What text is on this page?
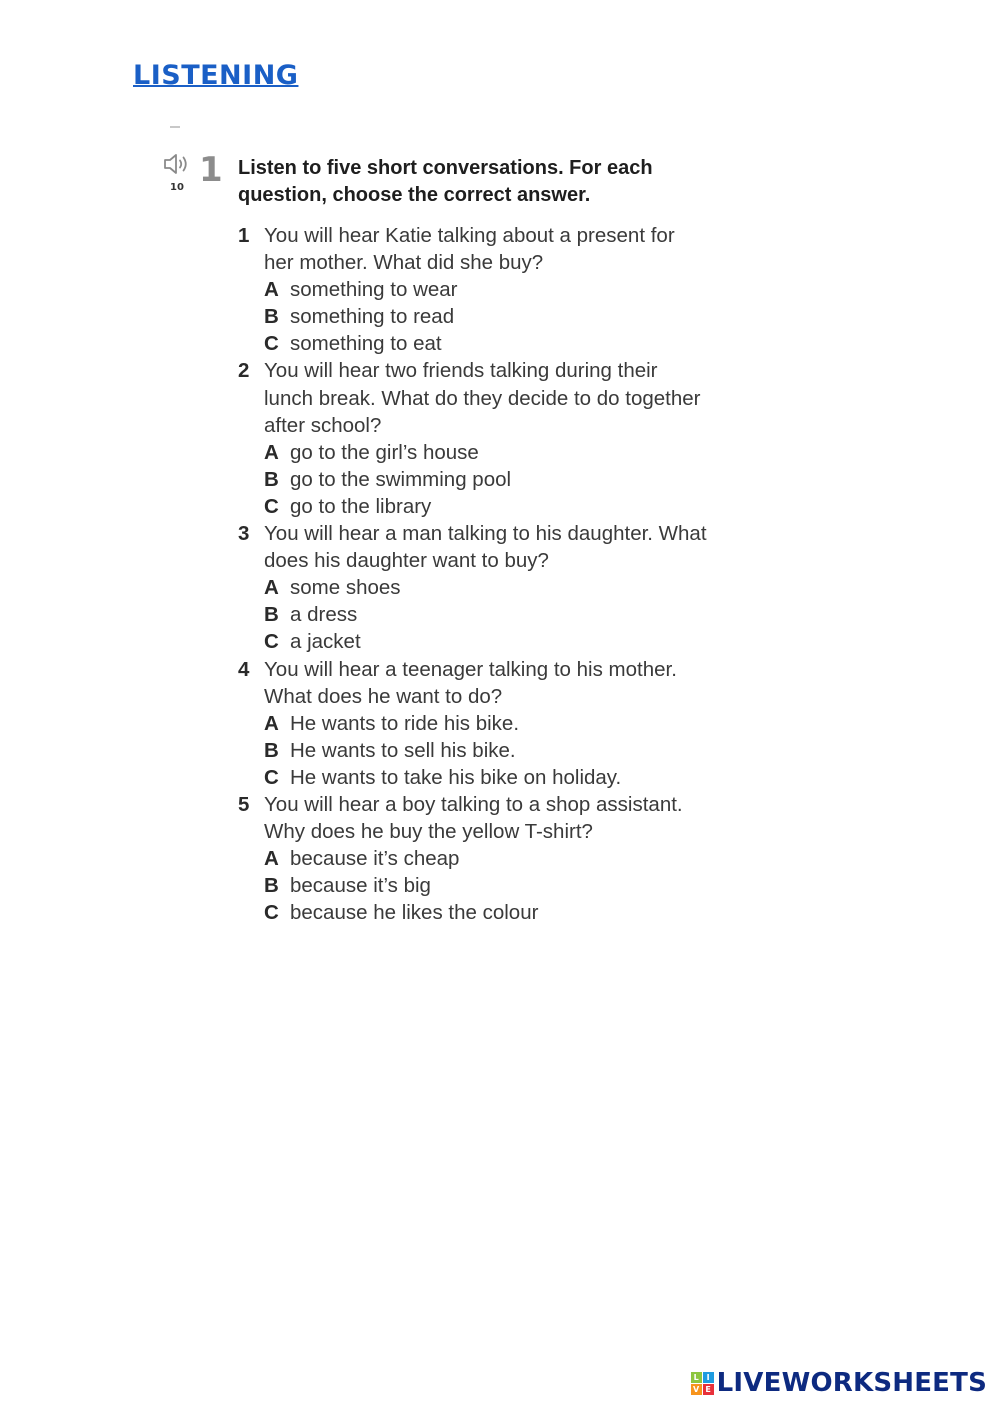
LISTENING
10 1 Listen to five short conversations. For each question, choose the correct answer.
1 You will hear Katie talking about a present for
her mother. What did she buy?
A something to wear
B something to read
C something to eat
2 You will hear two friends talking during their
lunch break. What do they decide to do together
after school?
A go to the girl’s house
B go to the swimming pool
C go to the library
3 You will hear a man talking to his daughter. What
does his daughter want to buy?
A some shoes
B a dress
C a jacket
4 You will hear a teenager talking to his mother.
What does he want to do?
A He wants to ride his bike.
B He wants to sell his bike.
C He wants to take his bike on holiday.
5 You will hear a boy talking to a shop assistant.
Why does he buy the yellow T-shirt?
A because it’s cheap
B because it’s big
C because he likes the colour
L I
V E LIVEWORKSHEETS
